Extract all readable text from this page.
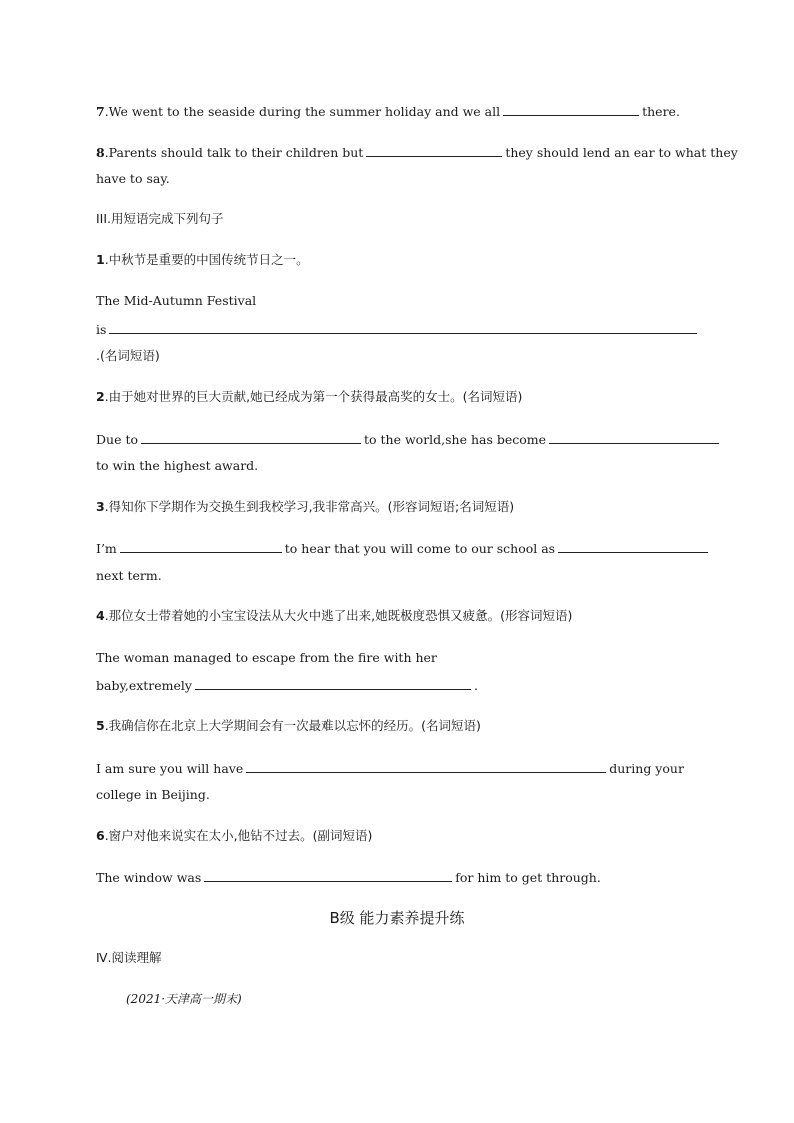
7.We went to the seaside during the summer holiday and we all	there.
8.Parents should talk to their children but	they should lend an ear to what they
have to say.
III.用短语完成下列句子
1.中秋节是重要的中国传统节日之一。
The Mid-Autumn Festival
is
.(名词短语)
2.由于她对世界的巨大贡献,她已经成为第一个获得最高奖的女士。(名词短语)
Due to	to the world,she has become
to win the highest award.
3.得知你下学期作为交换生到我校学习,我非常高兴。(形容词短语;名词短语)
I’m	to hear that you will come to our school as
next term.
4.那位女士带着她的小宝宝设法从大火中逃了出来,她既极度恐惧又疲惫。(形容词短语)
The woman managed to escape from the fire with her
baby,extremely	.
5.我确信你在北京上大学期间会有一次最难以忘怀的经历。(名词短语)
I am sure you will have	during your
college in Beijing.
6.窗户对他来说实在太小,他钻不过去。(副词短语)
The window was	for him to get through.
B级 能力素养提升练
Ⅳ.阅读理解
(2021·天津高一期末)
